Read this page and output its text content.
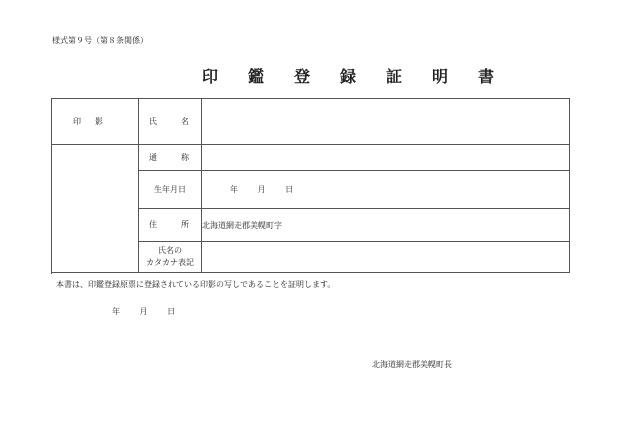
様式第９号（第８条関係）
印 鑑 登 録 証 明 書
印影	氏　名	

	通　称	
	生年月日	年 月 日

	住　所	北海道網走郡美幌町字

	氏名の
カタカナ表記	

本書は、印鑑登録原票に登録されている印影の写しであることを証明します。
年 月 日
北海道網走郡美幌町長
